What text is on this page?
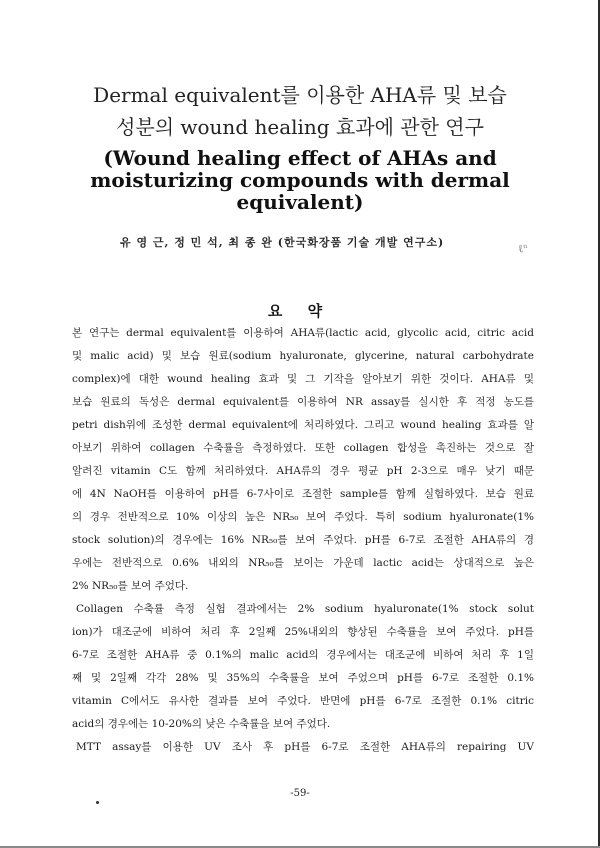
Dermal equivalent를 이용한 AHA류 및 보습
성분의 wound healing 효과에 관한 연구
(Wound healing effect of AHAs and
moisturizing compounds with dermal
equivalent)
유 영 근, 정 민 석, 최 종 완 (한국화장품 기술 개발 연구소)	ℓⁿ
요 약
본 연구는 dermal equivalent를 이용하여 AHA류(lactic acid, glycolic acid, citric acid
및 malic acid) 및 보습 원료(sodium hyaluronate, glycerine, natural carbohydrate
complex)에 대한 wound healing 효과 및 그 기작을 알아보기 위한 것이다. AHA류 및
보습 원료의 독성은 dermal equivalent를 이용하여 NR assay를 실시한 후 적정 농도를
petri dish위에 조성한 dermal equivalent에 처리하였다. 그리고 wound healing 효과를 알
아보기 위하여 collagen 수축률을 측정하였다. 또한 collagen 합성을 촉진하는 것으로 잘
알려진 vitamin C도 함께 처리하였다. AHA류의 경우 평균 pH 2-3으로 매우 낮기 때문
에 4N NaOH를 이용하여 pH를 6-7사이로 조절한 sample를 함께 실험하였다. 보습 원료
의 경우 전반적으로 10% 이상의 높은 NR₅₀ 보여 주었다. 특히 sodium hyaluronate(1%
stock solution)의 경우에는 16% NR₅₀를 보여 주었다. pH를 6-7로 조절한 AHA류의 경
우에는 전반적으로 0.6% 내외의 NR₅₀를 보이는 가운데 lactic acid는 상대적으로 높은
2% NR₅₀를 보여 주었다.
Collagen 수축률 측정 실험 결과에서는 2% sodium hyaluronate(1% stock solut
ion)가 대조군에 비하여 처리 후 2일째 25%내외의 향상된 수축률을 보여 주었다. pH를
6-7로 조절한 AHA류 중 0.1%의 malic acid의 경우에서는 대조군에 비하여 처리 후 1일
째 및 2일째 각각 28% 및 35%의 수축률을 보여 주었으며 pH를 6-7로 조절한 0.1%
vitamin C에서도 유사한 결과를 보여 주었다. 반면에 pH를 6-7로 조절한 0.1% citric
acid의 경우에는 10-20%의 낮은 수축률을 보여 주었다.
MTT assay를 이용한 UV 조사 후 pH를 6-7로 조절한 AHA류의 repairing UV
-59-
